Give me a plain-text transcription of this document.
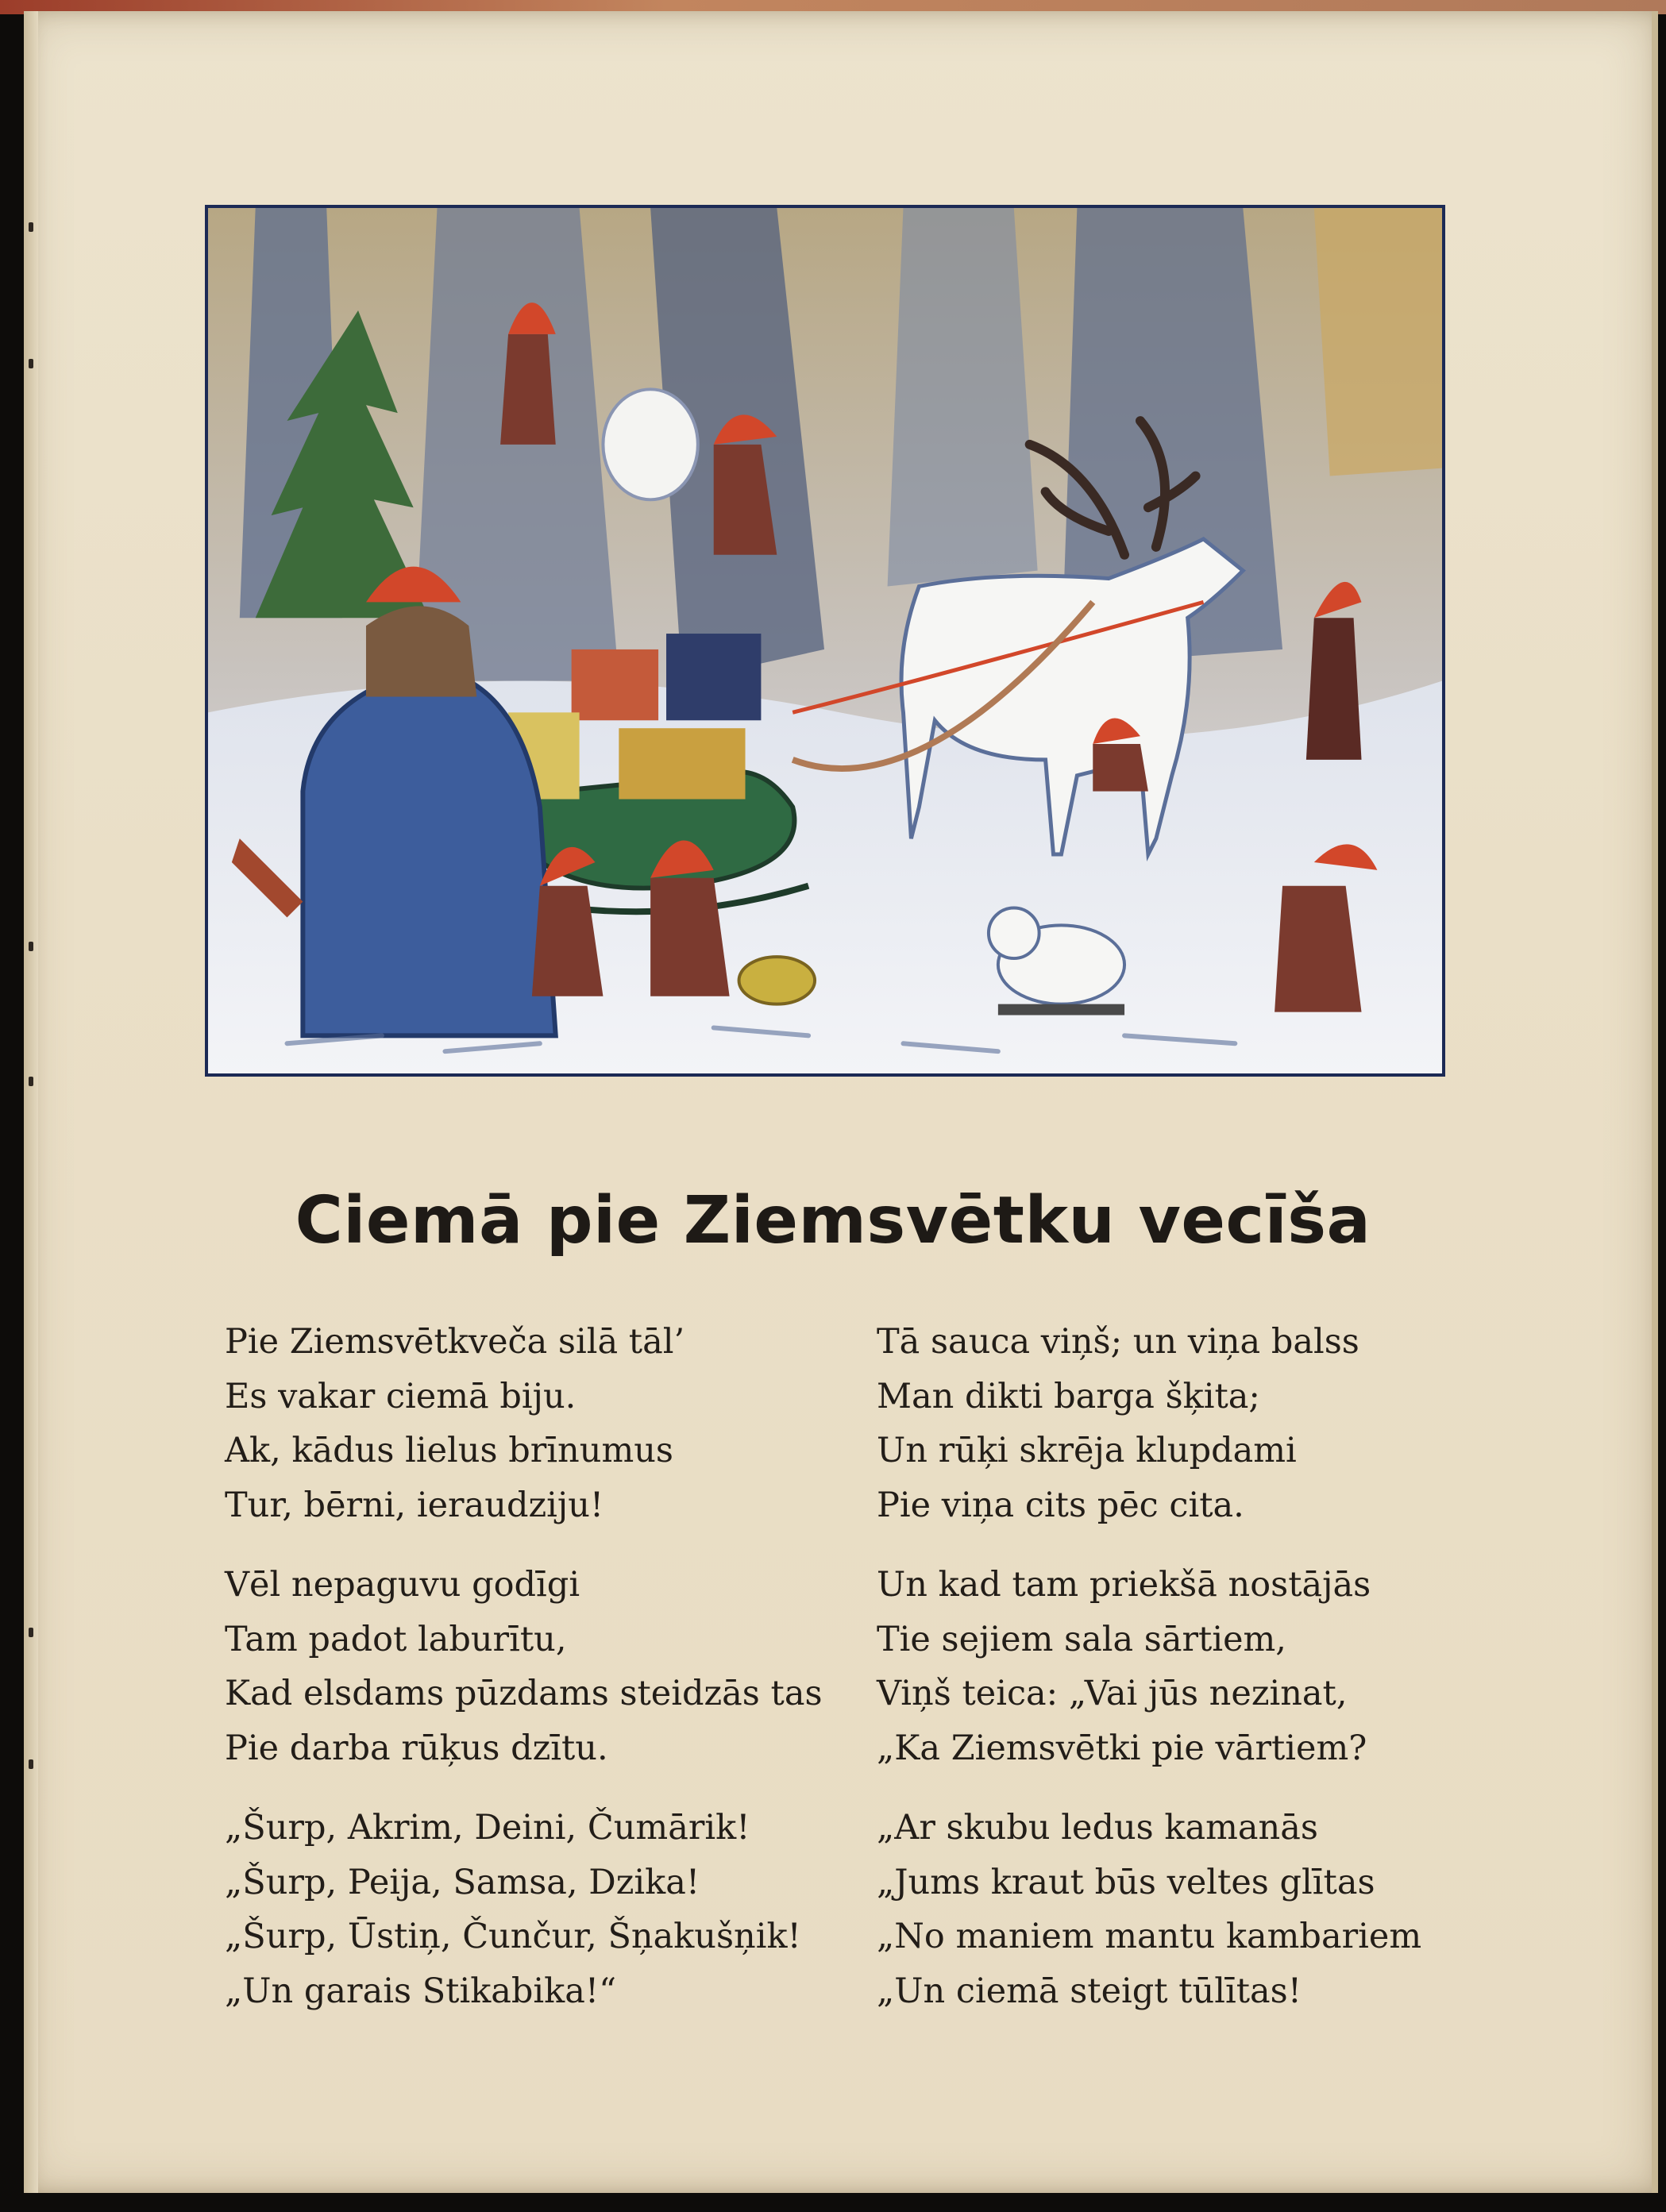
Ciemā pie Ziemsvētku vecīša
Pie Ziemsvētkveča silā tāl’
Es vakar ciemā biju.
Ak, kādus lielus brīnumus
Tur, bērni, ieraudziju!
Vēl nepaguvu godīgi
Tam padot laburītu,
Kad elsdams pūzdams steidzās tas
Pie darba rūķus dzītu.
„Šurp, Akrim, Deini, Čumārik!
„Šurp, Peija, Samsa, Dzika!
„Šurp, Ūstiņ, Čunčur, Šņakušņik!
„Un garais Stikabika!“
Tā sauca viņš; un viņa balss
Man dikti barga šķita;
Un rūķi skrēja klupdami
Pie viņa cits pēc cita.
Un kad tam priekšā nostājās
Tie sejiem sala sārtiem,
Viņš teica: „Vai jūs nezinat,
„Ka Ziemsvētki pie vārtiem?
„Ar skubu ledus kamanās
„Jums kraut būs veltes glītas
„No maniem mantu kambariem
„Un ciemā steigt tūlītas!
